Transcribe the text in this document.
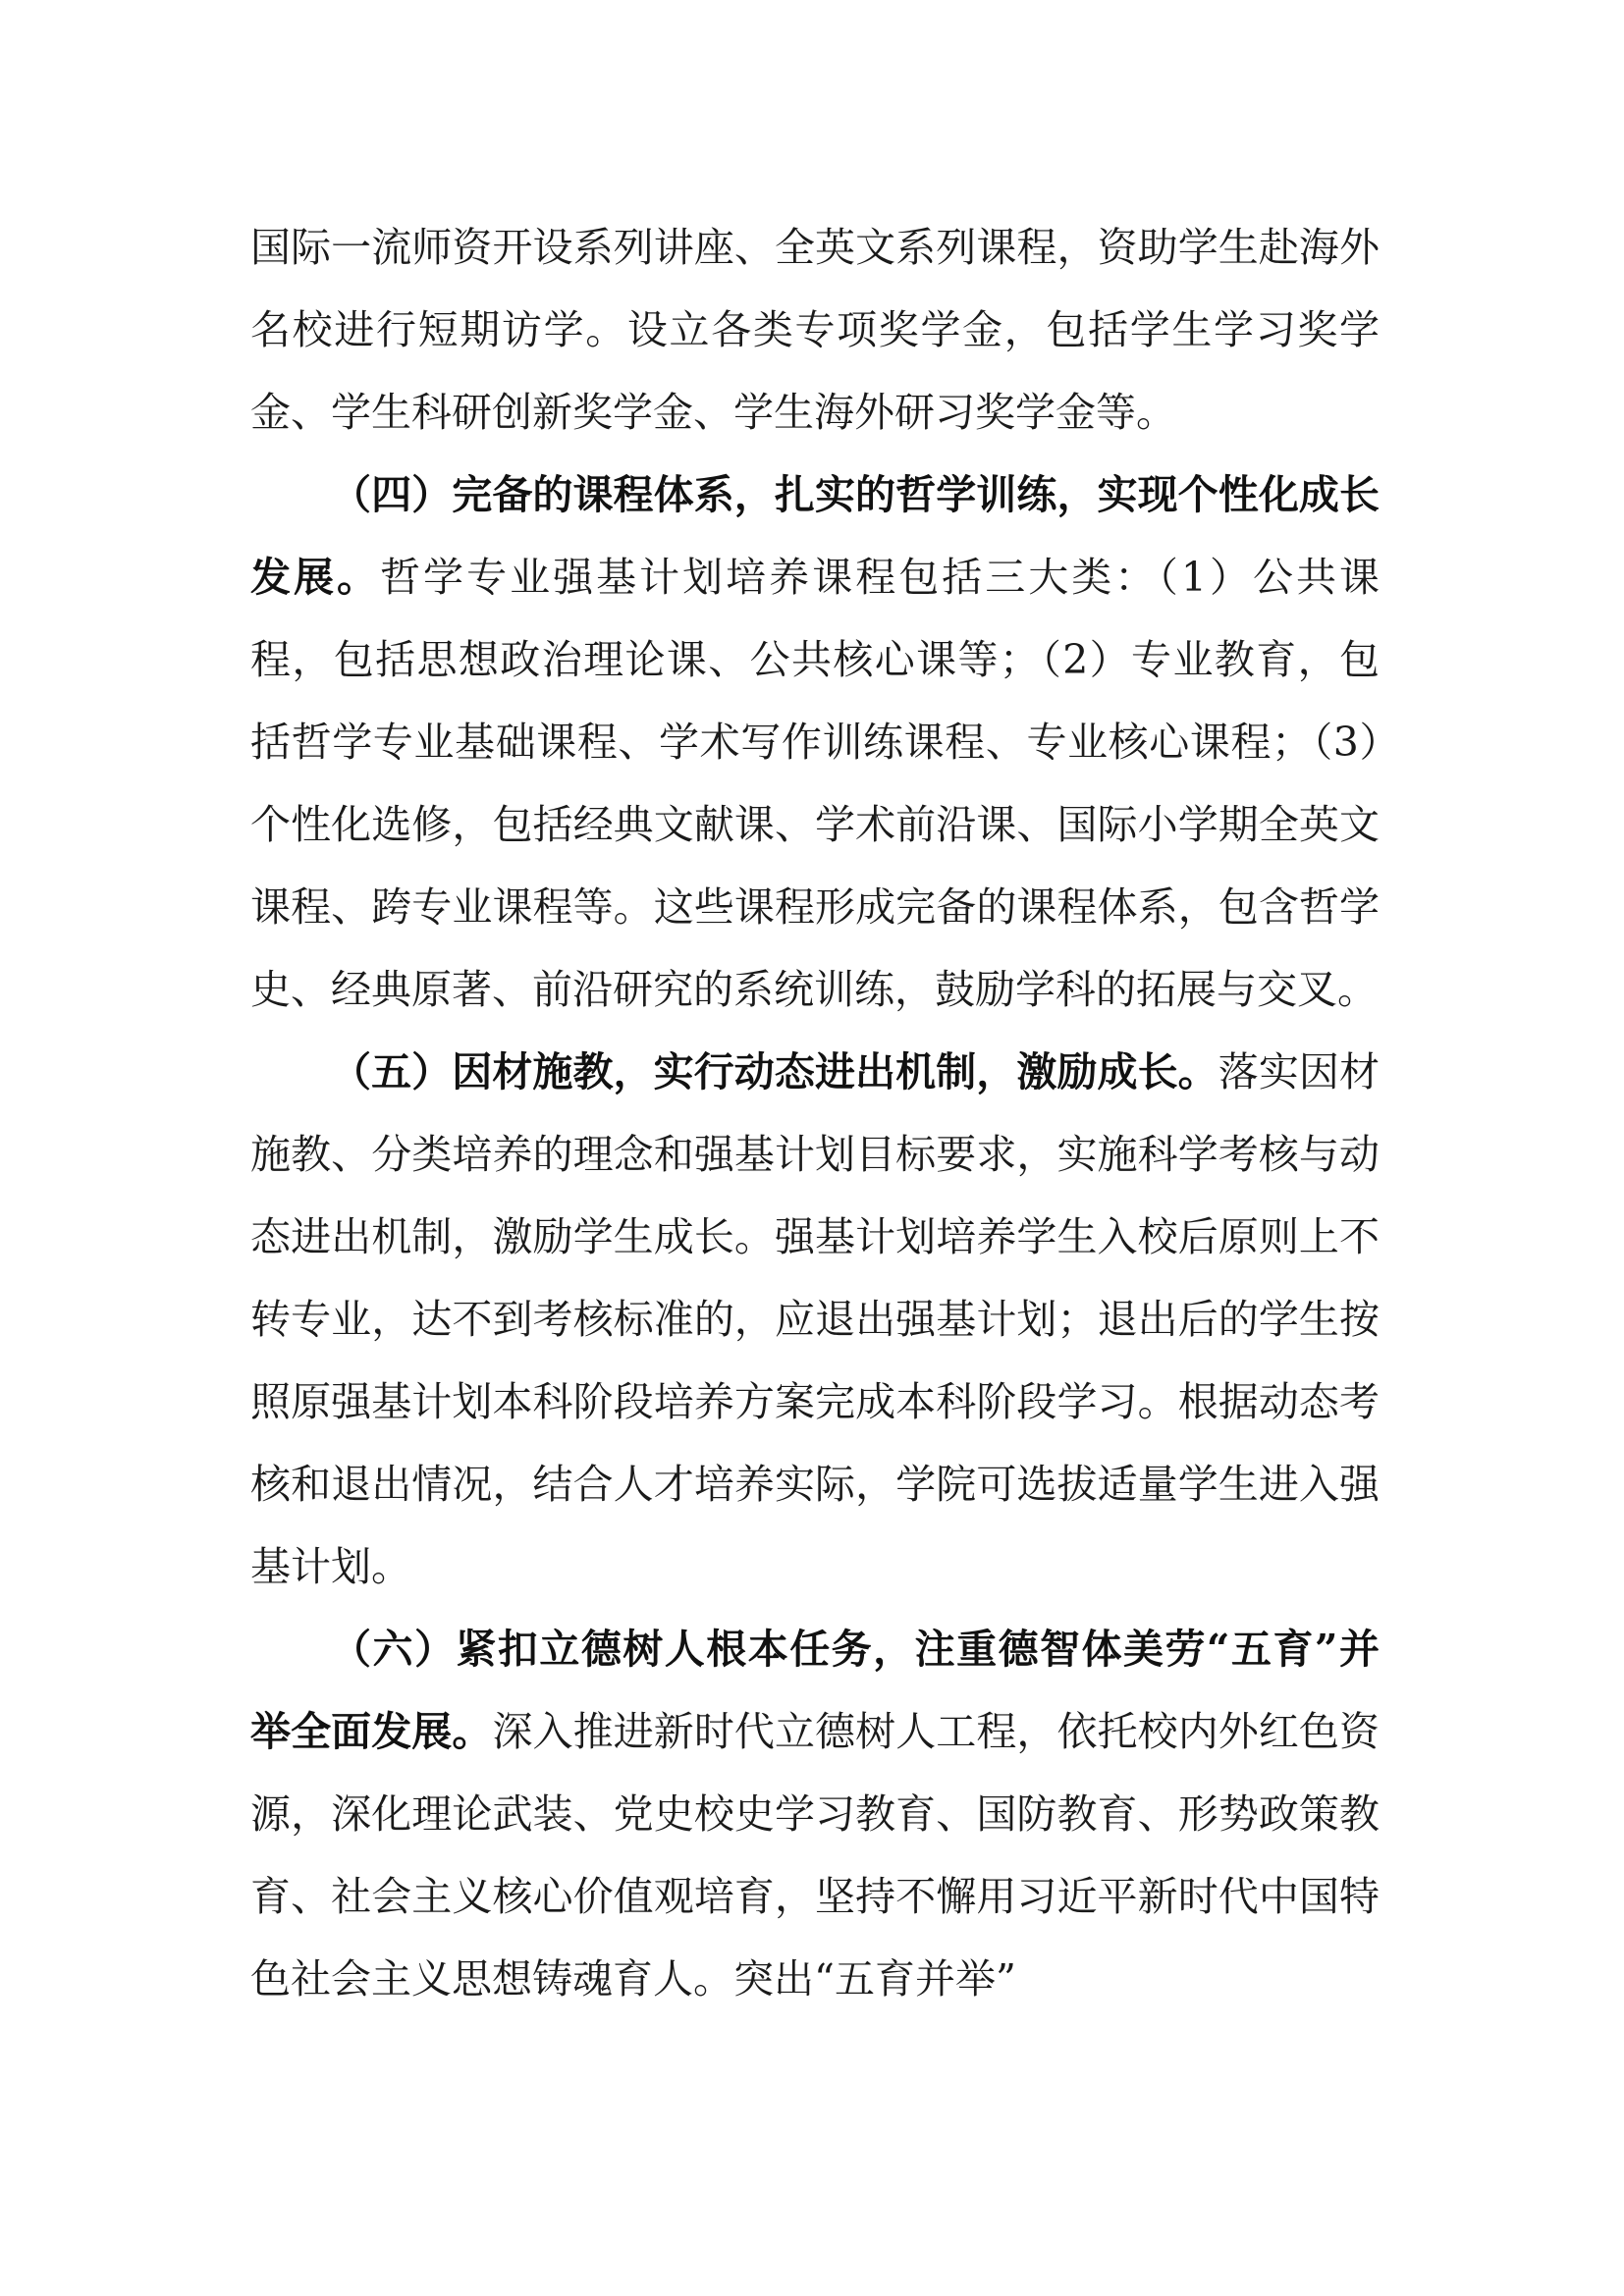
国际一流师资开设系列讲座、全英文系列课程，资助学生赴海外名校进行短期访学。设立各类专项奖学金，包括学生学习奖学金、学生科研创新奖学金、学生海外研习奖学金等。

（四）完备的课程体系，扎实的哲学训练，实现个性化成长发展。哲学专业强基计划培养课程包括三大类：（1）公共课程，包括思想政治理论课、公共核心课等；（2）专业教育，包括哲学专业基础课程、学术写作训练课程、专业核心课程；（3）个性化选修，包括经典文献课、学术前沿课、国际小学期全英文课程、跨专业课程等。这些课程形成完备的课程体系，包含哲学史、经典原著、前沿研究的系统训练，鼓励学科的拓展与交叉。

（五）因材施教，实行动态进出机制，激励成长。落实因材施教、分类培养的理念和强基计划目标要求，实施科学考核与动态进出机制，激励学生成长。强基计划培养学生入校后原则上不转专业，达不到考核标准的，应退出强基计划；退出后的学生按照原强基计划本科阶段培养方案完成本科阶段学习。根据动态考核和退出情况，结合人才培养实际，学院可选拔适量学生进入强基计划。

（六）紧扣立德树人根本任务，注重德智体美劳“五育”并举全面发展。深入推进新时代立德树人工程，依托校内外红色资源，深化理论武装、党史校史学习教育、国防教育、形势政策教育、社会主义核心价值观培育，坚持不懈用习近平新时代中国特色社会主义思想铸魂育人。突出“五育并举”
